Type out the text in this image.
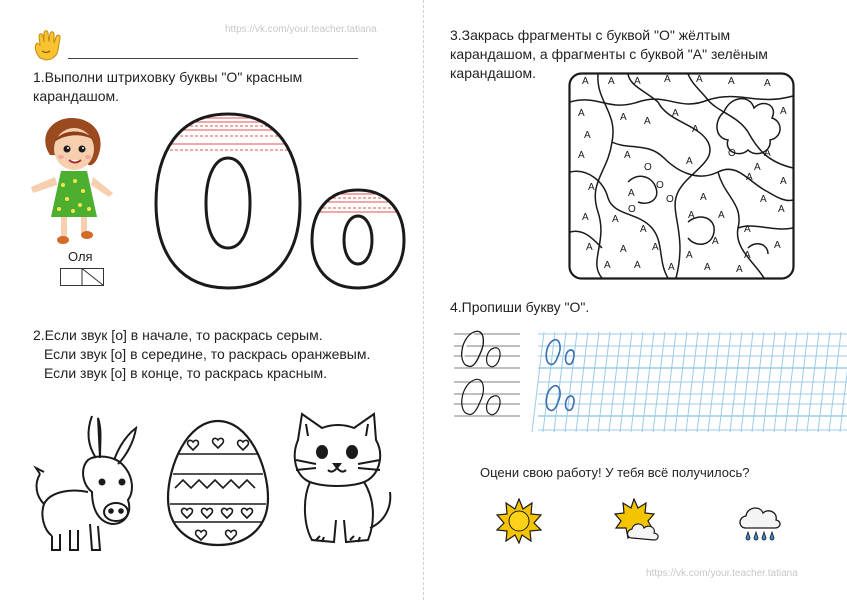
https://vk.com/your.teacher.tatiana
1.Выполни штриховку буквы "О" красным
карандашом.
Оля
2.Если звук [о] в начале, то раскрась серым.
Если звук [о] в середине, то раскрась оранжевым.
Если звук [о] в конце, то раскрась красным.
3.Закрась фрагменты с буквой "О" жёлтым
карандашом, а фрагменты с буквой "А" зелёным
карандашом.
А А А А	А	А	А
А
А
А А
А
А
А
А	А
А
О
О
А
О	А
А
А
О	А
А
А
А А
А
А А
А
А
А	А	А
А
А
А
А
А А	А	А	А
О
А
4.Пропиши букву "О".
Оцени свою работу! У тебя всё получилось?
https://vk.com/your.teacher.tatiana
